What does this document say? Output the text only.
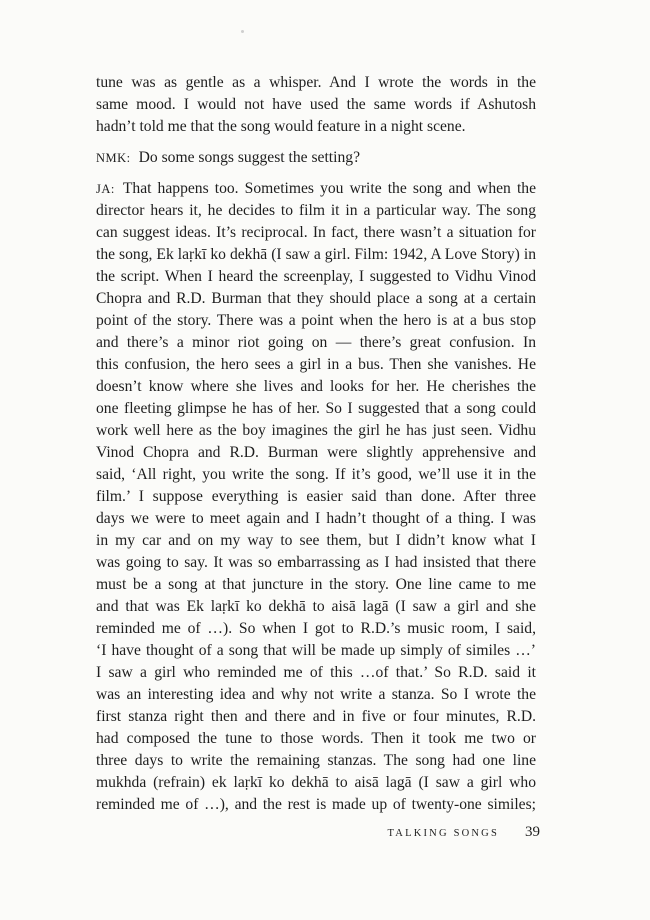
tune was as gentle as a whisper. And I wrote the words in the
same mood. I would not have used the same words if Ashutosh
hadn’t told me that the song would feature in a night scene.

NMK: Do some songs suggest the setting?

JA: That happens too. Sometimes you write the song and when the
director hears it, he decides to film it in a particular way. The song
can suggest ideas. It’s reciprocal. In fact, there wasn’t a situation for
the song, Ek laṛkī ko dekhā (I saw a girl. Film: 1942, A Love Story) in
the script. When I heard the screenplay, I suggested to Vidhu Vinod
Chopra and R.D. Burman that they should place a song at a certain
point of the story. There was a point when the hero is at a bus stop
and there’s a minor riot going on — there’s great confusion. In
this confusion, the hero sees a girl in a bus. Then she vanishes. He
doesn’t know where she lives and looks for her. He cherishes the
one fleeting glimpse he has of her. So I suggested that a song could
work well here as the boy imagines the girl he has just seen. Vidhu
Vinod Chopra and R.D. Burman were slightly apprehensive and
said, ‘All right, you write the song. If it’s good, we’ll use it in the
film.’ I suppose everything is easier said than done. After three
days we were to meet again and I hadn’t thought of a thing. I was
in my car and on my way to see them, but I didn’t know what I
was going to say. It was so embarrassing as I had insisted that there
must be a song at that juncture in the story. One line came to me
and that was Ek laṛkī ko dekhā to aisā lagā (I saw a girl and she
reminded me of …). So when I got to R.D.’s music room, I said,
‘I have thought of a song that will be made up simply of similes …’
I saw a girl who reminded me of this …of that.’ So R.D. said it
was an interesting idea and why not write a stanza. So I wrote the
first stanza right then and there and in five or four minutes, R.D.
had composed the tune to those words. Then it took me two or
three days to write the remaining stanzas. The song had one line
mukhda (refrain) ek laṛkī ko dekhā to aisā lagā (I saw a girl who
reminded me of …), and the rest is made up of twenty-one similes;

TALKING SONGS 39
